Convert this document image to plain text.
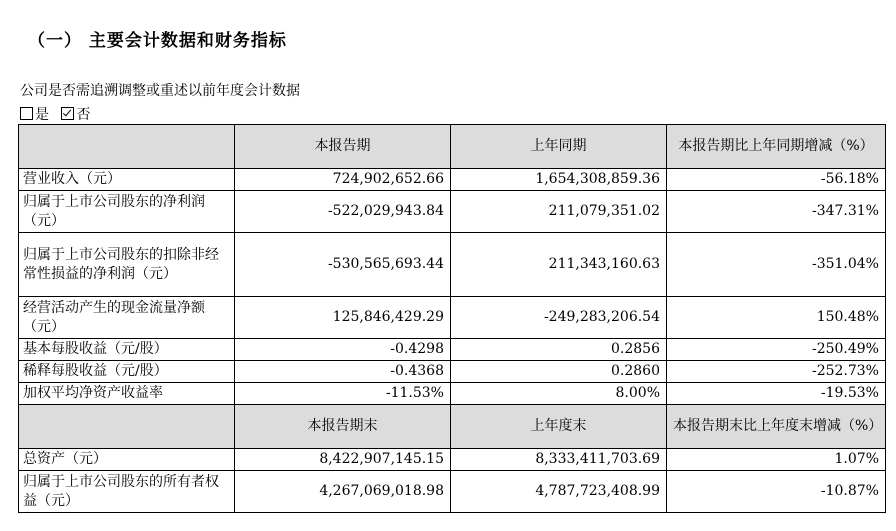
（一） 主要会计数据和财务指标
公司是否需追溯调整或重述以前年度会计数据
是 否
	本报告期	上年同期	本报告期比上年同期增减（%）
营业收入（元）	724,902,652.66	1,654,308,859.36	-56.18%
归属于上市公司股东的净利润（元）	-522,029,943.84	211,079,351.02	-347.31%
归属于上市公司股东的扣除非经常性损益的净利润（元）	-530,565,693.44	211,343,160.63	-351.04%
经营活动产生的现金流量净额（元）	125,846,429.29	-249,283,206.54	150.48%
基本每股收益（元/股）	-0.4298	0.2856	-250.49%
稀释每股收益（元/股）	-0.4368	0.2860	-252.73%
加权平均净资产收益率	-11.53%	8.00%	-19.53%
	本报告期末	上年度末	本报告期末比上年度末增减（%）
总资产（元）	8,422,907,145.15	8,333,411,703.69	1.07%
归属于上市公司股东的所有者权益（元）	4,267,069,018.98	4,787,723,408.99	-10.87%
